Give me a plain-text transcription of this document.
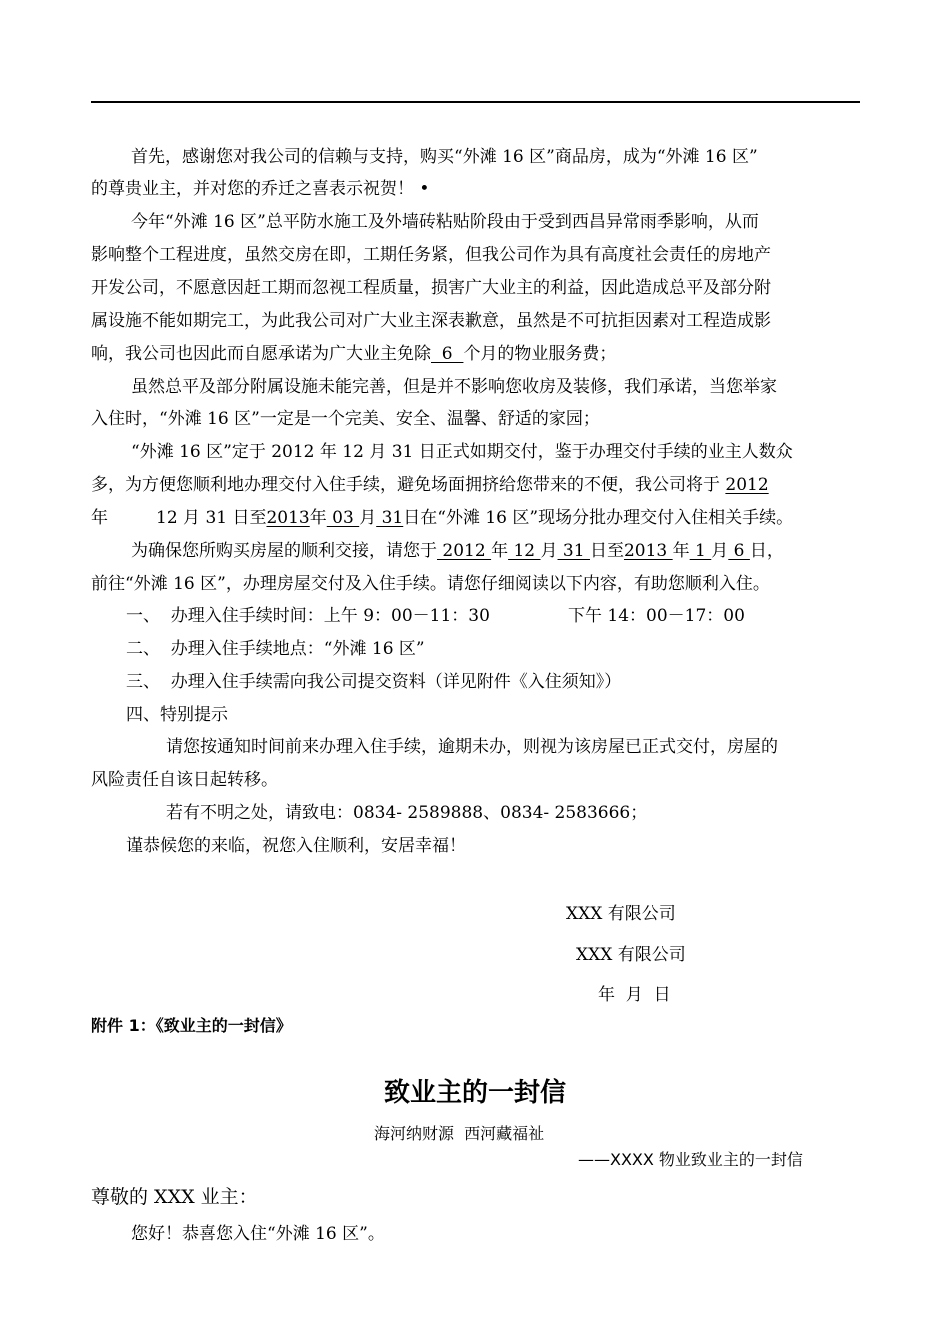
首先，感谢您对我公司的信赖与支持，购买“外滩 16 区”商品房，成为“外滩 16 区”
的尊贵业主，并对您的乔迁之喜表示祝贺！ •
今年“外滩 16 区”总平防水施工及外墙砖粘贴阶段由于受到西昌异常雨季影响，从而
影响整个工程进度，虽然交房在即，工期任务紧，但我公司作为具有高度社会责任的房地产
开发公司，不愿意因赶工期而忽视工程质量，损害广大业主的利益，因此造成总平及部分附
属设施不能如期完工，为此我公司对广大业主深表歉意，虽然是不可抗拒因素对工程造成影
响，我公司也因此而自愿承诺为广大业主免除  6  个月的物业服务费；
虽然总平及部分附属设施未能完善，但是并不影响您收房及装修，我们承诺，当您举家
入住时，“外滩 16 区”一定是一个完美、安全、温馨、舒适的家园；
“外滩 16 区”定于 2012 年 12 月 31 日正式如期交付，鉴于办理交付手续的业主人数众
多，为方便您顺利地办理交付入住手续，避免场面拥挤给您带来的不便，我公司将于 2012
年	12 月 31 日至2013年 03 月 31日在“外滩 16 区”现场分批办理交付入住相关手续。
为确保您所购买房屋的顺利交接，请您于 2012 年 12 月 31 日至2013 年 1 月 6 日，
前往“外滩 16 区”，办理房屋交付及入住手续。请您仔细阅读以下内容，有助您顺利入住。
一、  办理入住手续时间：上午 9：00－11：30	下午 14：00－17：00
二、  办理入住手续地点：“外滩 16 区”
三、  办理入住手续需向我公司提交资料（详见附件《入住须知》）
四、特别提示
请您按通知时间前来办理入住手续，逾期未办，则视为该房屋已正式交付，房屋的
风险责任自该日起转移。
若有不明之处，请致电：0834- 2589888、0834- 2583666；
谨恭候您的来临，祝您入住顺利，安居幸福！
XXX 有限公司
XXX 有限公司
年  月  日
附件 1：《致业主的一封信》
致业主的一封信
海河纳财源  西河藏福祉
——XXXX 物业致业主的一封信
尊敬的 XXX 业主：
您好！恭喜您入住“外滩 16 区”。
